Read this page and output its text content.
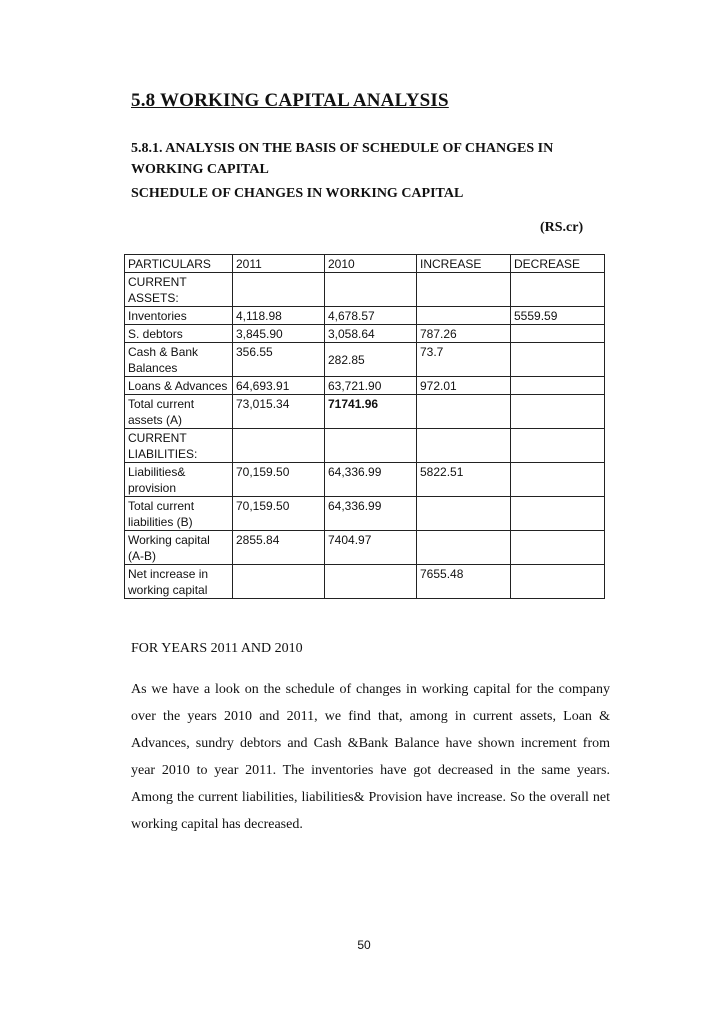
5.8 WORKING CAPITAL ANALYSIS
5.8.1. ANALYSIS ON THE BASIS OF SCHEDULE OF CHANGES IN WORKING CAPITAL
SCHEDULE OF CHANGES IN WORKING CAPITAL
(RS.cr)
PARTICULARS	2011	2010	INCREASE	DECREASE
CURRENT ASSETS:				
Inventories	4,118.98	4,678.57		5559.59
S. debtors	3,845.90	3,058.64	787.26	
Cash & Bank Balances	356.55	282.85	73.7	
Loans & Advances	64,693.91	63,721.90	972.01	
Total current assets (A)	73,015.34	71741.96		
CURRENT LIABILITIES:				
Liabilities& provision	70,159.50	64,336.99	5822.51	
Total current liabilities (B)	70,159.50	64,336.99		
Working capital (A-B)	2855.84	7404.97		
Net increase in working capital			7655.48	
FOR YEARS 2011 AND 2010
As we have a look on the schedule of changes in working capital for the company over the years 2010 and 2011, we find that, among in current assets, Loan & Advances, sundry debtors and Cash &Bank Balance have shown increment from year 2010 to year 2011. The inventories have got decreased in the same years. Among the current liabilities, liabilities& Provision have increase. So the overall net working capital has decreased.
50
